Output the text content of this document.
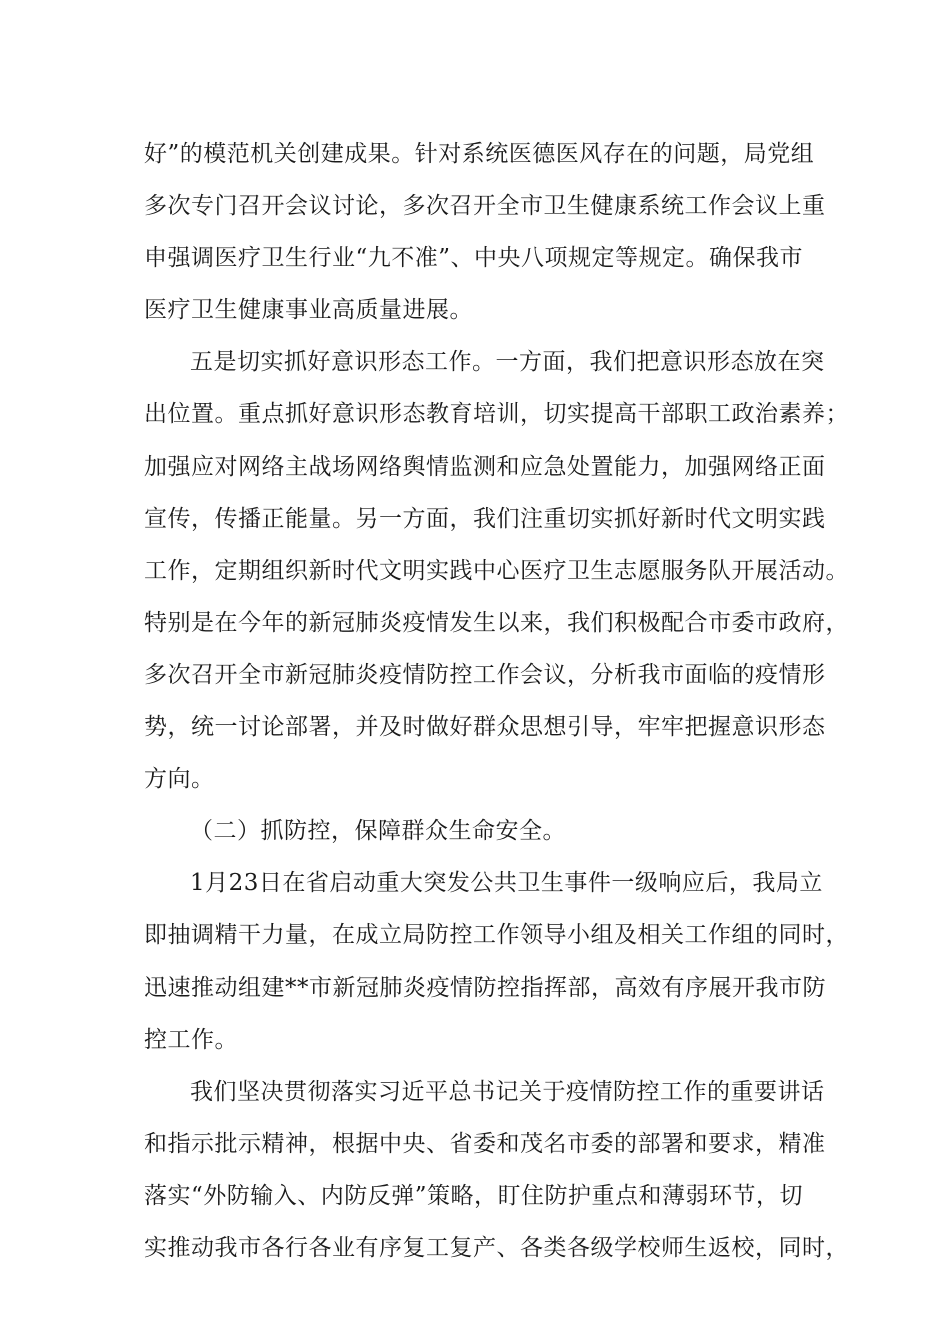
好”的模范机关创建成果。针对系统医德医风存在的问题，局党组
多次专门召开会议讨论，多次召开全市卫生健康系统工作会议上重
申强调医疗卫生行业“九不准”、中央八项规定等规定。确保我市
医疗卫生健康事业高质量进展。
五是切实抓好意识形态工作。一方面，我们把意识形态放在突
出位置。重点抓好意识形态教育培训，切实提高干部职工政治素养；
加强应对网络主战场网络舆情监测和应急处置能力，加强网络正面
宣传，传播正能量。另一方面，我们注重切实抓好新时代文明实践
工作，定期组织新时代文明实践中心医疗卫生志愿服务队开展活动。
特别是在今年的新冠肺炎疫情发生以来，我们积极配合市委市政府，
多次召开全市新冠肺炎疫情防控工作会议，分析我市面临的疫情形
势，统一讨论部署，并及时做好群众思想引导，牢牢把握意识形态
方向。
（二）抓防控，保障群众生命安全。
1月23日在省启动重大突发公共卫生事件一级响应后，我局立
即抽调精干力量，在成立局防控工作领导小组及相关工作组的同时，
迅速推动组建**市新冠肺炎疫情防控指挥部，高效有序展开我市防
控工作。
我们坚决贯彻落实习近平总书记关于疫情防控工作的重要讲话
和指示批示精神，根据中央、省委和茂名市委的部署和要求，精准
落实“外防输入、内防反弹”策略，盯住防护重点和薄弱环节，切
实推动我市各行各业有序复工复产、各类各级学校师生返校，同时，
